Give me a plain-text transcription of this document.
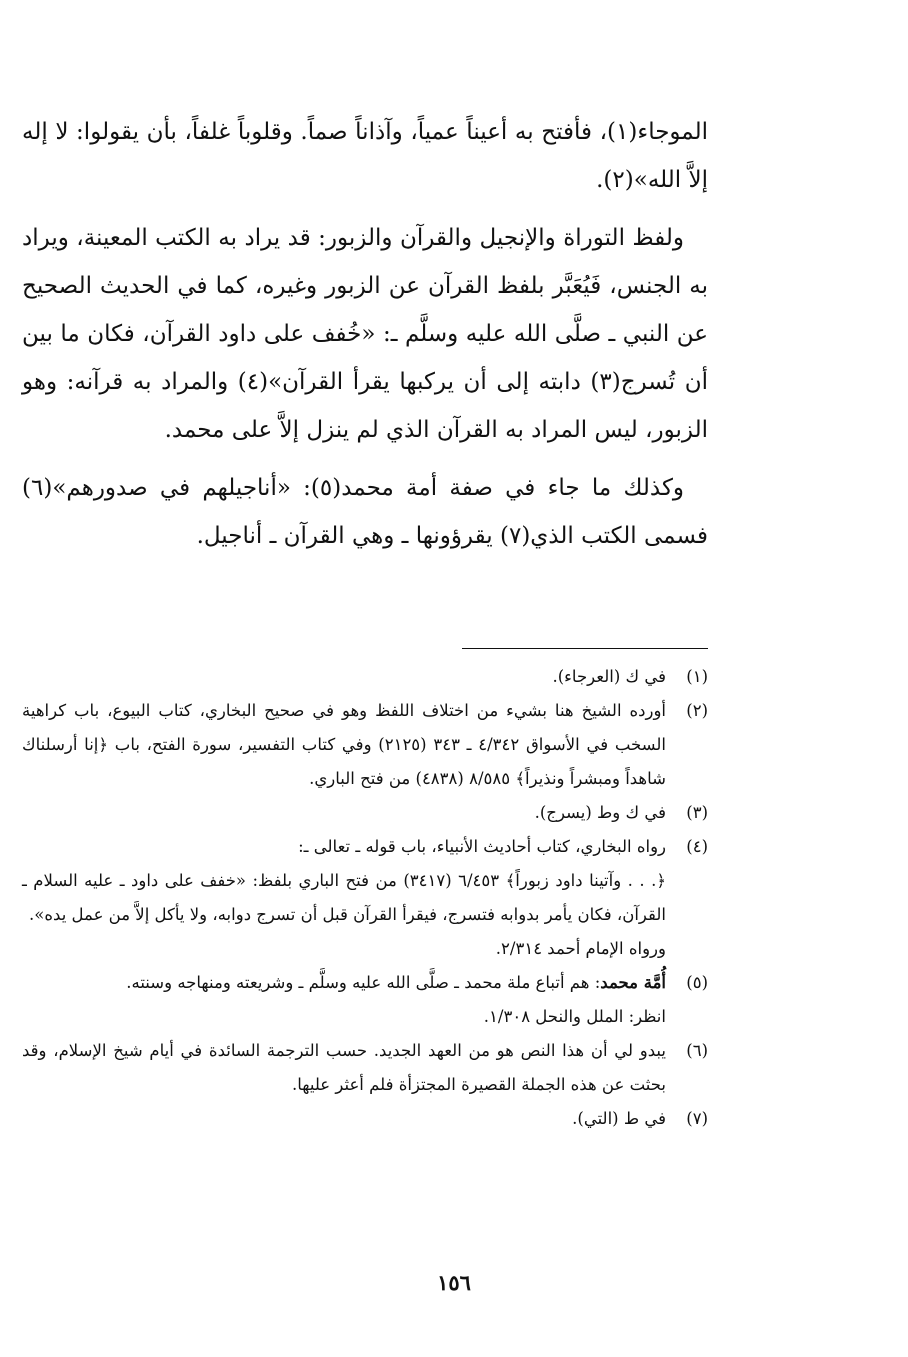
الموجاء(١)، فأفتح به أعيناً عمياً، وآذاناً صماً. وقلوباً غلفاً، بأن يقولوا: لا إله إلاَّ الله»(٢).

ولفظ التوراة والإنجيل والقرآن والزبور: قد يراد به الكتب المعينة، ويراد به الجنس، فَيُعَبَّر بلفظ القرآن عن الزبور وغيره، كما في الحديث الصحيح عن النبي ـ صلَّى الله عليه وسلَّم ـ: «خُفف على داود القرآن، فكان ما بين أن تُسرج(٣) دابته إلى أن يركبها يقرأ القرآن»(٤) والمراد به قرآنه: وهو الزبور، ليس المراد به القرآن الذي لم ينزل إلاَّ على محمد.

وكذلك ما جاء في صفة أمة محمد(٥): «أناجيلهم في صدورهم»(٦) فسمى الكتب الذي(٧) يقرؤونها ـ وهي القرآن ـ أناجيل.

(١)

في ك (العرجاء).

(٢)

أورده الشيخ هنا بشيء من اختلاف اللفظ وهو في صحيح البخاري، كتاب البيوع، باب كراهية السخب في الأسواق ٤/٣٤٢ ـ ٣٤٣ (٢١٢٥) وفي كتاب التفسير، سورة الفتح، باب ﴿إنا أرسلناك شاهداً ومبشراً ونذيراً﴾ ٨/٥٨٥ (٤٨٣٨) من فتح الباري.

(٣)

في ك وط (يسرج).

(٤)

رواه البخاري، كتاب أحاديث الأنبياء، باب قوله ـ تعالى ـ:

﴿. . . وآتينا داود زبوراً﴾ ٦/٤٥٣ (٣٤١٧) من فتح الباري بلفظ: «خفف على داود ـ عليه السلام ـ القرآن، فكان يأمر بدوابه فتسرج، فيقرأ القرآن قبل أن تسرج دوابه، ولا يأكل إلاَّ من عمل يده».

ورواه الإمام أحمد ٢/٣١٤.

(٥)

أُمَّة محمد: هم أتباع ملة محمد ـ صلَّى الله عليه وسلَّم ـ وشريعته ومنهاجه وسنته.

انظر: الملل والنحل ١/٣٠٨.

(٦)

يبدو لي أن هذا النص هو من العهد الجديد. حسب الترجمة السائدة في أيام شيخ الإسلام، وقد بحثت عن هذه الجملة القصيرة المجتزأة فلم أعثر عليها.

(٧)

في ط (التي).

١٥٦
